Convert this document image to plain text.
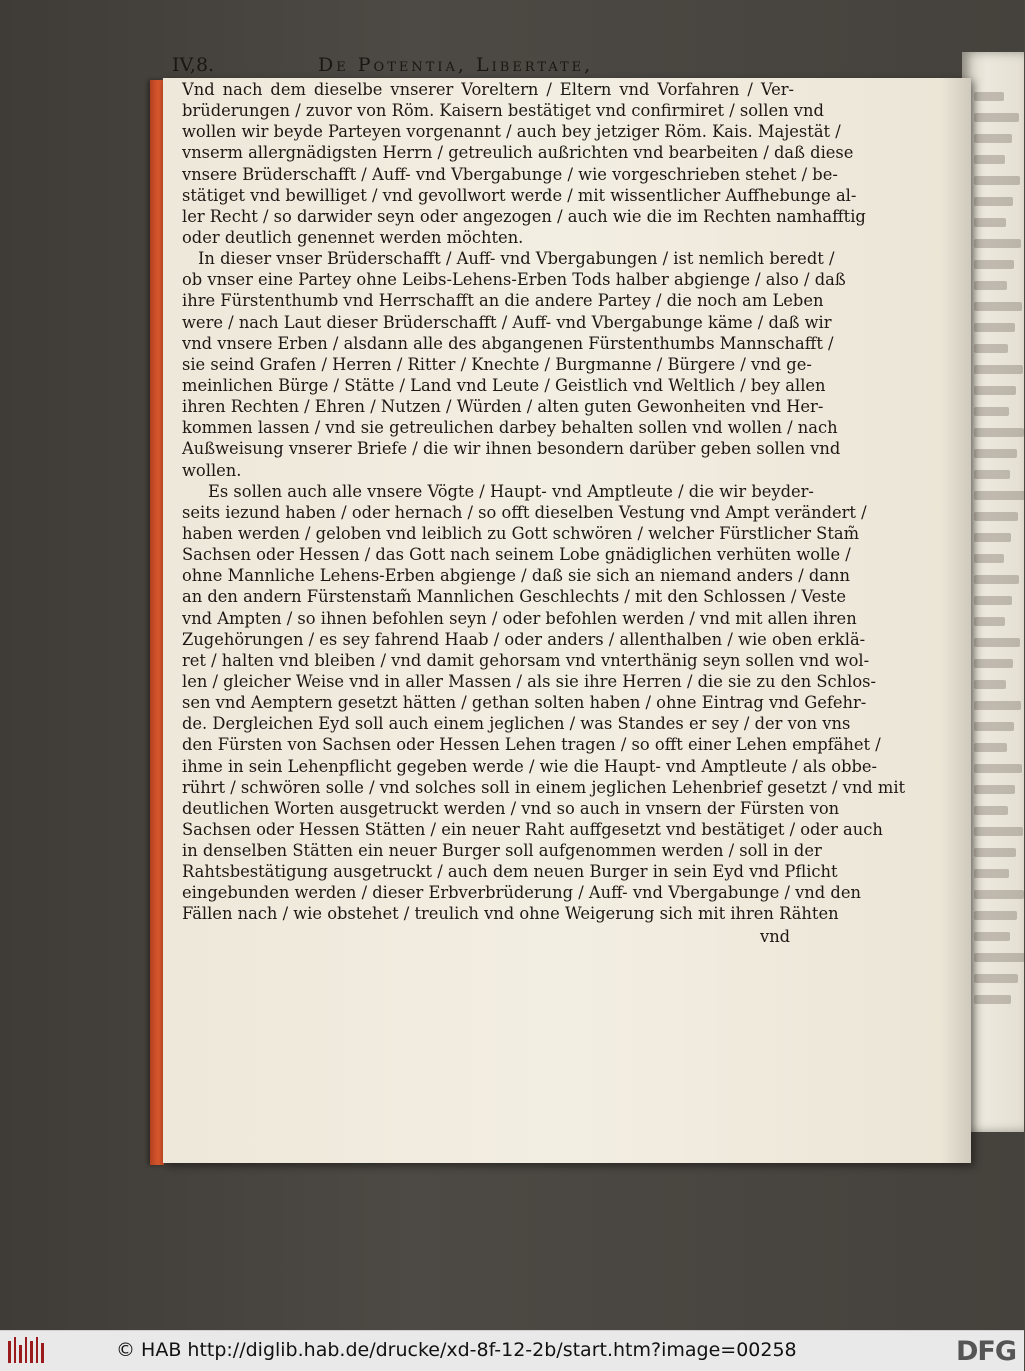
IV,8.	De Potentia, Libertate,
Vnd nach dem dieselbe vnserer Voreltern / Eltern vnd Vorfahren / Ver-
brüderungen / zuvor von Röm. Kaisern bestätiget vnd confirmiret / sollen vnd
wollen wir beyde Parteyen vorgenannt / auch bey jetziger Röm. Kais. Majestät /
vnserm allergnädigsten Herrn / getreulich außrichten vnd bearbeiten / daß diese
vnsere Brüderschafft / Auff- vnd Vbergabunge / wie vorgeschrieben stehet / be-
stätiget vnd bewilliget / vnd gevollwort werde / mit wissentlicher Auffhebunge al-
ler Recht / so darwider seyn oder angezogen / auch wie die im Rechten namhafftig
oder deutlich genennet werden möchten.
In dieser vnser Brüderschafft / Auff- vnd Vbergabungen / ist nemlich beredt /
ob vnser eine Partey ohne Leibs-Lehens-Erben Tods halber abgienge / also / daß
ihre Fürstenthumb vnd Herrschafft an die andere Partey / die noch am Leben
were / nach Laut dieser Brüderschafft / Auff- vnd Vbergabunge käme / daß wir
vnd vnsere Erben / alsdann alle des abgangenen Fürstenthumbs Mannschafft /
sie seind Grafen / Herren / Ritter / Knechte / Burgmanne / Bürgere / vnd ge-
meinlichen Bürge / Stätte / Land vnd Leute / Geistlich vnd Weltlich / bey allen
ihren Rechten / Ehren / Nutzen / Würden / alten guten Gewonheiten vnd Her-
kommen lassen / vnd sie getreulichen darbey behalten sollen vnd wollen / nach
Außweisung vnserer Briefe / die wir ihnen besondern darüber geben sollen vnd
wollen.
Es sollen auch alle vnsere Vögte / Haupt- vnd Amptleute / die wir beyder-
seits iezund haben / oder hernach / so offt dieselben Vestung vnd Ampt verändert /
haben werden / geloben vnd leiblich zu Gott schwören / welcher Fürstlicher Stam̃
Sachsen oder Hessen / das Gott nach seinem Lobe gnädiglichen verhüten wolle /
ohne Mannliche Lehens-Erben abgienge / daß sie sich an niemand anders / dann
an den andern Fürstenstam̃ Mannlichen Geschlechts / mit den Schlossen / Veste
vnd Ampten / so ihnen befohlen seyn / oder befohlen werden / vnd mit allen ihren
Zugehörungen / es sey fahrend Haab / oder anders / allenthalben / wie oben erklä-
ret / halten vnd bleiben / vnd damit gehorsam vnd vnterthänig seyn sollen vnd wol-
len / gleicher Weise vnd in aller Massen / als sie ihre Herren / die sie zu den Schlos-
sen vnd Aemptern gesetzt hätten / gethan solten haben / ohne Eintrag vnd Gefehr-
de. Dergleichen Eyd soll auch einem jeglichen / was Standes er sey / der von vns
den Fürsten von Sachsen oder Hessen Lehen tragen / so offt einer Lehen empfähet /
ihme in sein Lehenpflicht gegeben werde / wie die Haupt- vnd Amptleute / als obbe-
rührt / schwören solle / vnd solches soll in einem jeglichen Lehenbrief gesetzt / vnd mit
deutlichen Worten ausgetruckt werden / vnd so auch in vnsern der Fürsten von
Sachsen oder Hessen Stätten / ein neuer Raht auffgesetzt vnd bestätiget / oder auch
in denselben Stätten ein neuer Burger soll aufgenommen werden / soll in der
Rahtsbestätigung ausgetruckt / auch dem neuen Burger in sein Eyd vnd Pflicht
eingebunden werden / dieser Erbverbrüderung / Auff- vnd Vbergabunge / vnd den
Fällen nach / wie obstehet / treulich vnd ohne Weigerung sich mit ihren Rähten
vnd
© HAB http://diglib.hab.de/drucke/xd-8f-12-2b/start.htm?image=00258	DFG
